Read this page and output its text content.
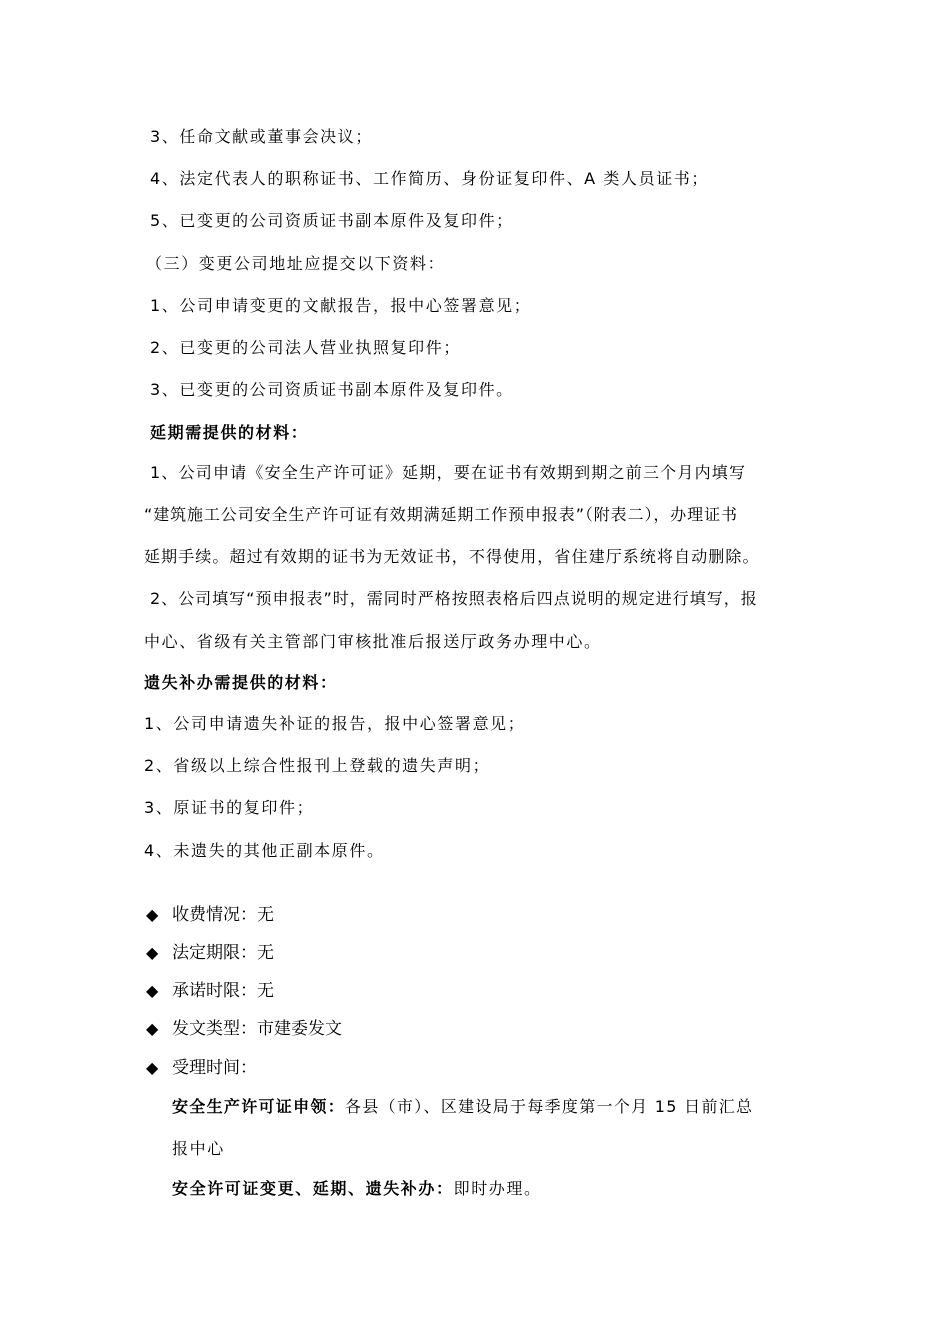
3、任命文献或董事会决议；
4、法定代表人的职称证书、工作简历、身份证复印件、A 类人员证书；
5、已变更的公司资质证书副本原件及复印件；
（三）变更公司地址应提交以下资料：
1、公司申请变更的文献报告，报中心签署意见；
2、已变更的公司法人营业执照复印件；
3、已变更的公司资质证书副本原件及复印件。
延期需提供的材料：
1、公司申请《安全生产许可证》延期，要在证书有效期到期之前三个月内填写
“建筑施工公司安全生产许可证有效期满延期工作预申报表”（附表二），办理证书
延期手续。超过有效期的证书为无效证书，不得使用，省住建厅系统将自动删除。
2、公司填写“预申报表”时，需同时严格按照表格后四点说明的规定进行填写，报
中心、省级有关主管部门审核批准后报送厅政务办理中心。
遗失补办需提供的材料：
1、公司申请遗失补证的报告，报中心签署意见；
2、省级以上综合性报刊上登载的遗失声明；
3、原证书的复印件；
4、未遗失的其他正副本原件。
◆ 收费情况：无
◆ 法定期限：无
◆ 承诺时限：无
◆ 发文类型：市建委发文
◆ 受理时间：
安全生产许可证申领：各县（市）、区建设局于每季度第一个月 15 日前汇总
报中心
安全许可证变更、延期、遗失补办：即时办理。
